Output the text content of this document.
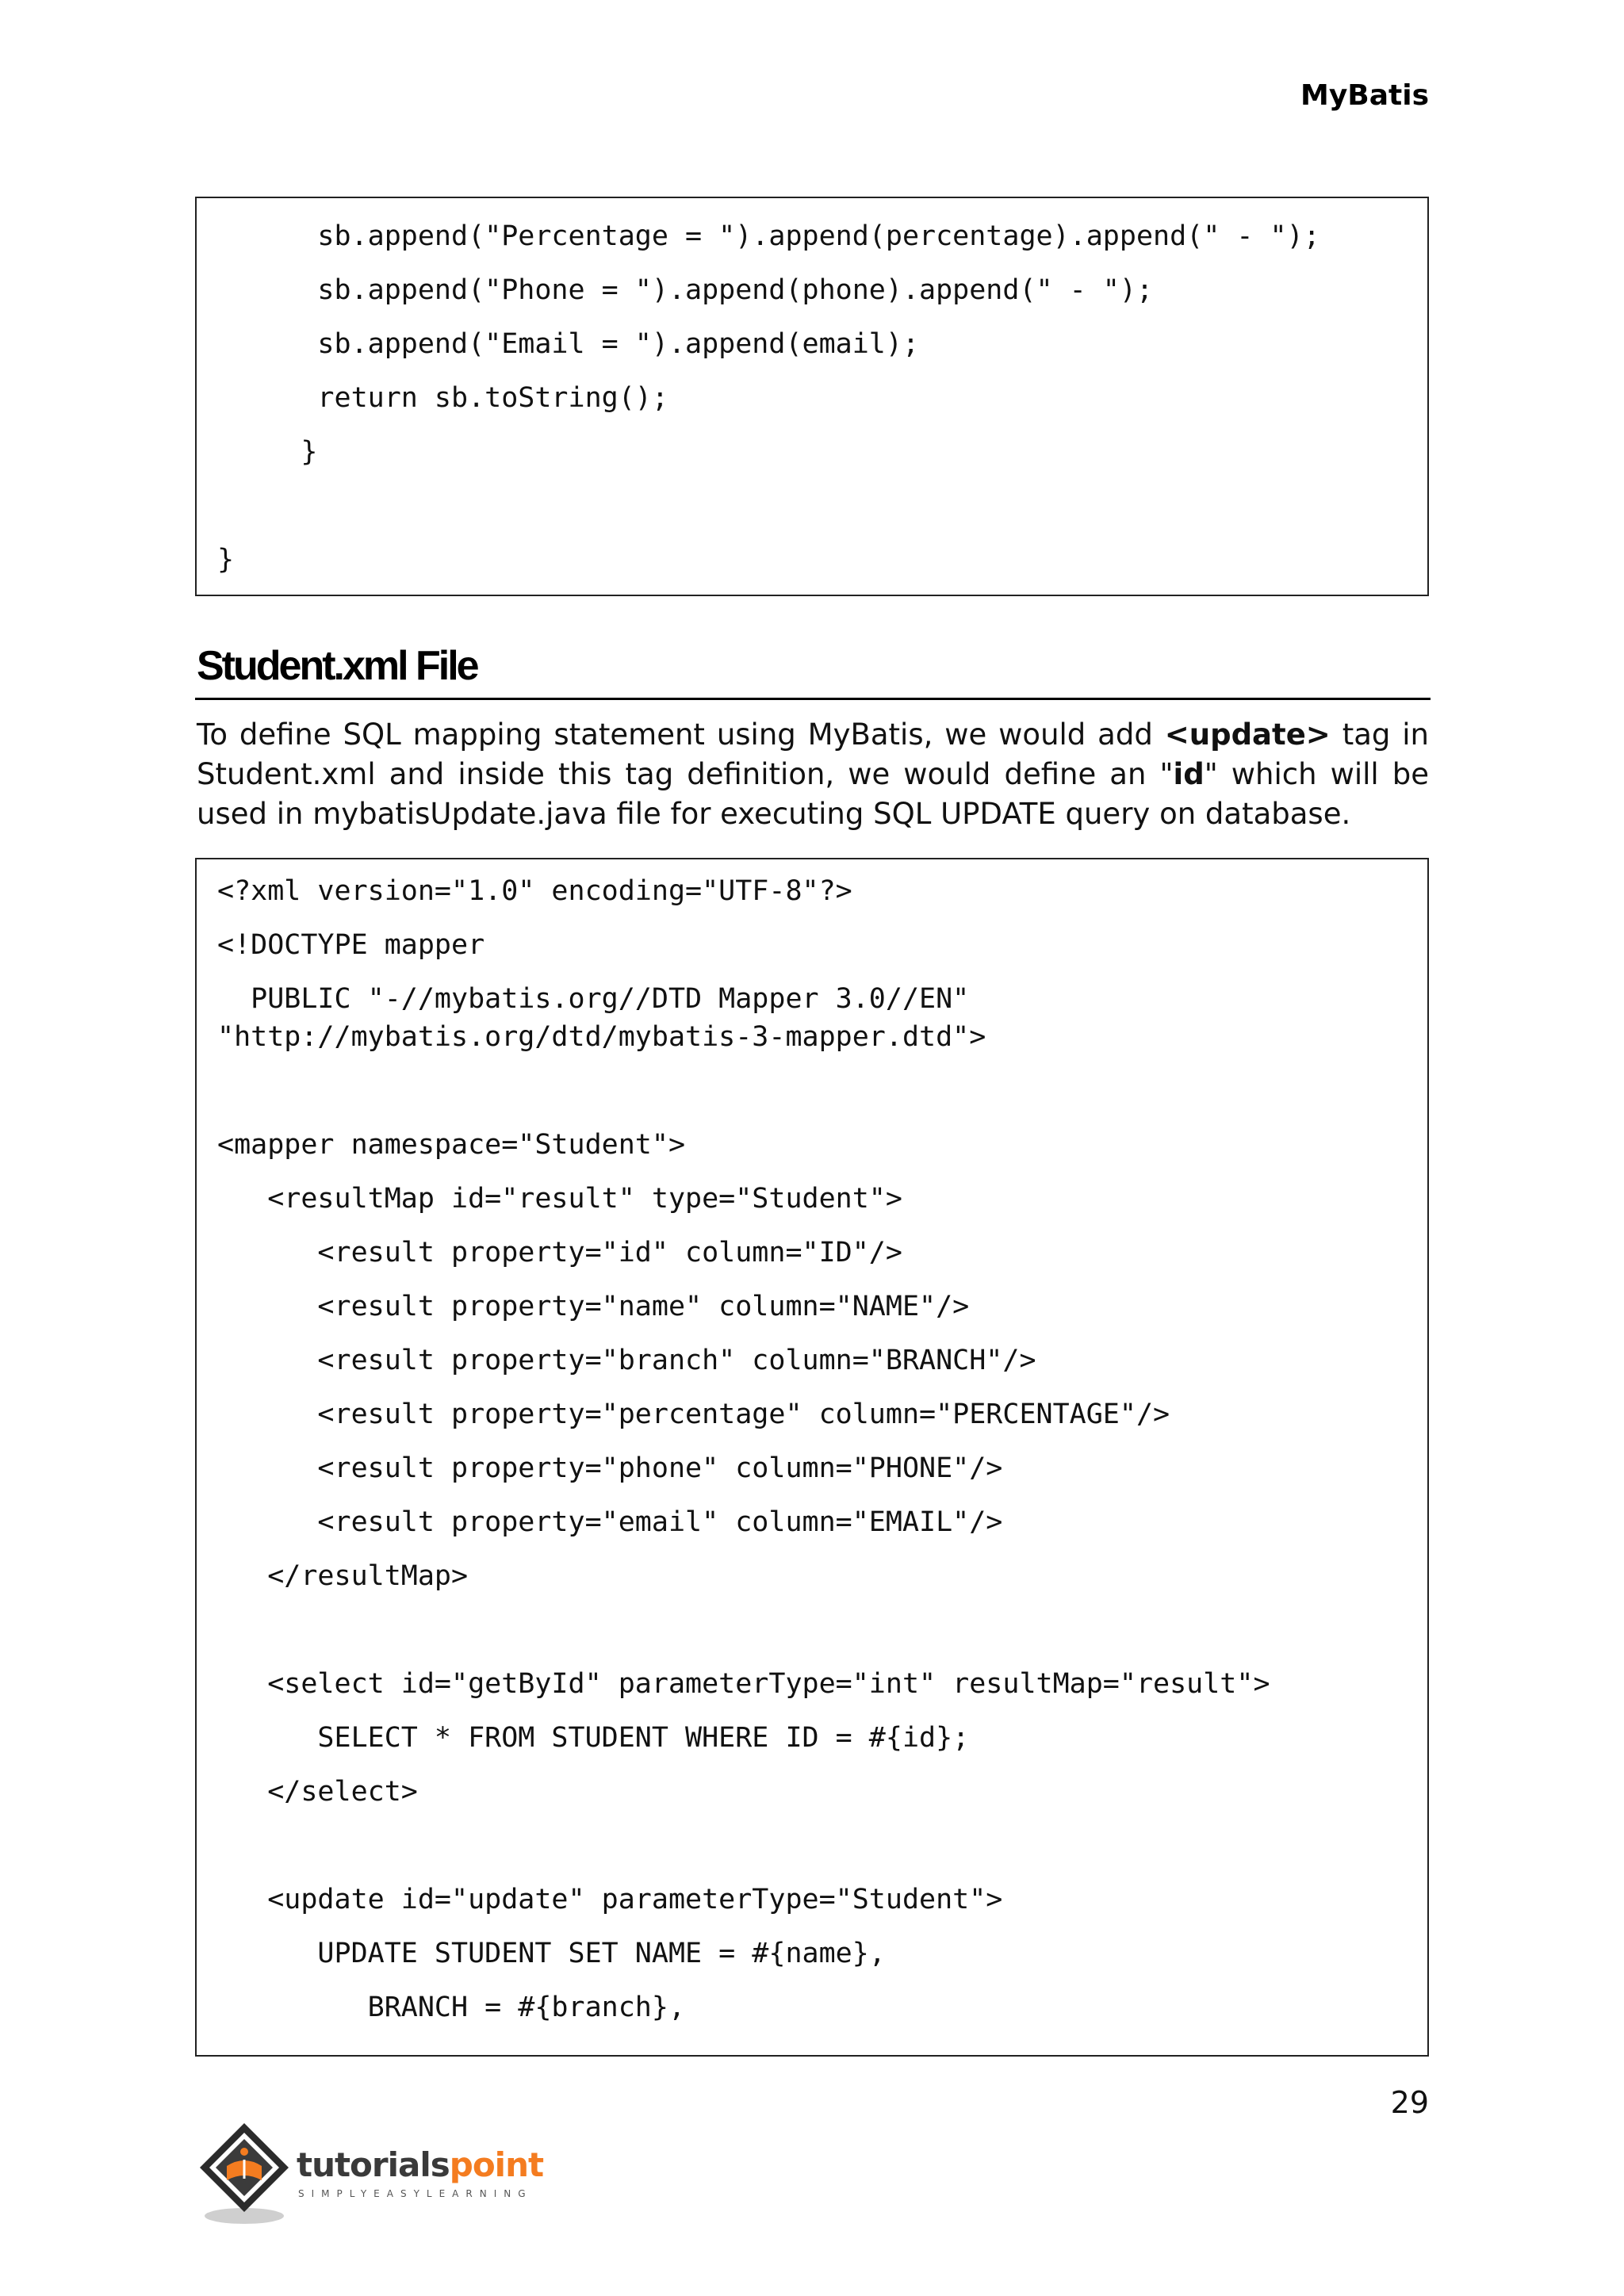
MyBatis
sb.append("Percentage = ").append(percentage).append(" - ");
sb.append("Phone = ").append(phone).append(" - ");
sb.append("Email = ").append(email);
return sb.toString();
}
}
Student.xml File
To define SQL mapping statement using MyBatis, we would add <update> tag in Student.xml and inside this tag definition, we would define an "id" which will be used in mybatisUpdate.java file for executing SQL UPDATE query on database.
<?xml version="1.0" encoding="UTF-8"?>
<!DOCTYPE mapper
PUBLIC "-//mybatis.org//DTD Mapper 3.0//EN"
"http://mybatis.org/dtd/mybatis-3-mapper.dtd">
<mapper namespace="Student">
<resultMap id="result" type="Student">
<result property="id" column="ID"/>
<result property="name" column="NAME"/>
<result property="branch" column="BRANCH"/>
<result property="percentage" column="PERCENTAGE"/>
<result property="phone" column="PHONE"/>
<result property="email" column="EMAIL"/>
</resultMap>
<select id="getById" parameterType="int" resultMap="result">
SELECT * FROM STUDENT WHERE ID = #{id};
</select>
<update id="update" parameterType="Student">
UPDATE STUDENT SET NAME = #{name},
BRANCH = #{branch},
29
tutorialspoint
SIMPLYEASYLEARNING
